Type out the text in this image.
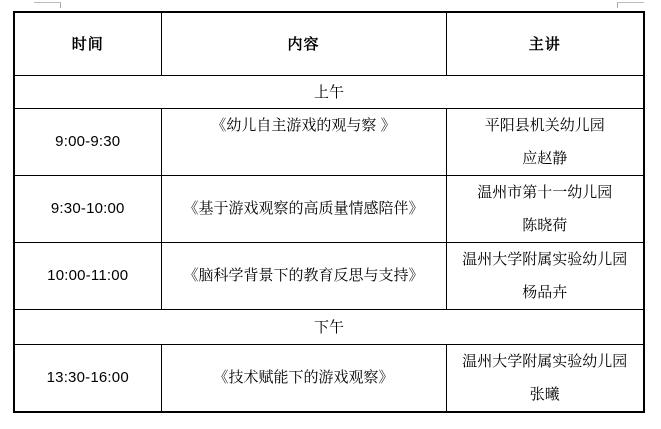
时间	内容	主讲
上午		
9:00-9:30	《幼儿自主游戏的观与察 》	平阳县机关幼儿园
应赵静

9:30-10:00	《基于游戏观察的高质量情感陪伴》	温州市第十一幼儿园
陈晓荷

10:00-11:00	《脑科学背景下的教育反思与支持》	温州大学附属实验幼儿园
杨品卉

下午		
13:30-16:00	《技术赋能下的游戏观察》	温州大学附属实验幼儿园
张曦
